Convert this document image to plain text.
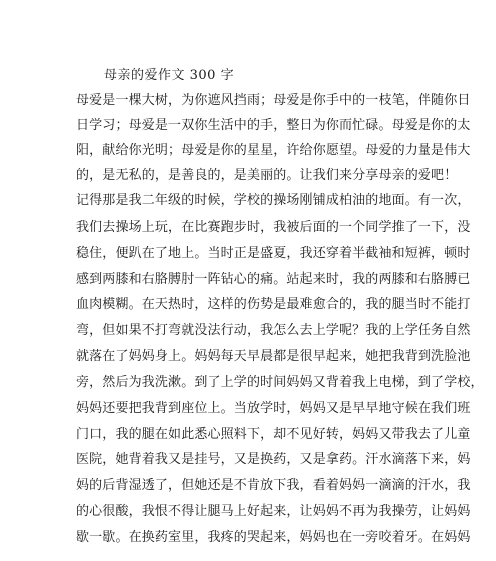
母亲的爱作文 300 字
母爱是一棵大树，为你遮风挡雨；母爱是你手中的一枝笔，伴随你日
日学习；母爱是一双你生活中的手，整日为你而忙碌。母爱是你的太
阳，献给你光明；母爱是你的星星，许给你愿望。母爱的力量是伟大
的，是无私的，是善良的，是美丽的。让我们来分享母亲的爱吧！
记得那是我二年级的时候，学校的操场刚铺成柏油的地面。有一次，
我们去操场上玩，在比赛跑步时，我被后面的一个同学推了一下，没
稳住，便趴在了地上。当时正是盛夏，我还穿着半截袖和短裤，顿时
感到两膝和右胳膊肘一阵钻心的痛。站起来时，我的两膝和右胳膊已
血肉模糊。在天热时，这样的伤势是最难愈合的，我的腿当时不能打
弯，但如果不打弯就没法行动，我怎么去上学呢？我的上学任务自然
就落在了妈妈身上。妈妈每天早晨都是很早起来，她把我背到洗脸池
旁，然后为我洗漱。到了上学的时间妈妈又背着我上电梯，到了学校，
妈妈还要把我背到座位上。当放学时，妈妈又是早早地守候在我们班
门口，我的腿在如此悉心照料下，却不见好转，妈妈又带我去了儿童
医院，她背着我又是挂号，又是换药，又是拿药。汗水滴落下来，妈
妈的后背湿透了，但她还是不肯放下我，看着妈妈一滴滴的汗水，我
的心很酸，我恨不得让腿马上好起来，让妈妈不再为我操劳，让妈妈
歇一歇。在换药室里，我疼的哭起来，妈妈也在一旁咬着牙。在妈妈
